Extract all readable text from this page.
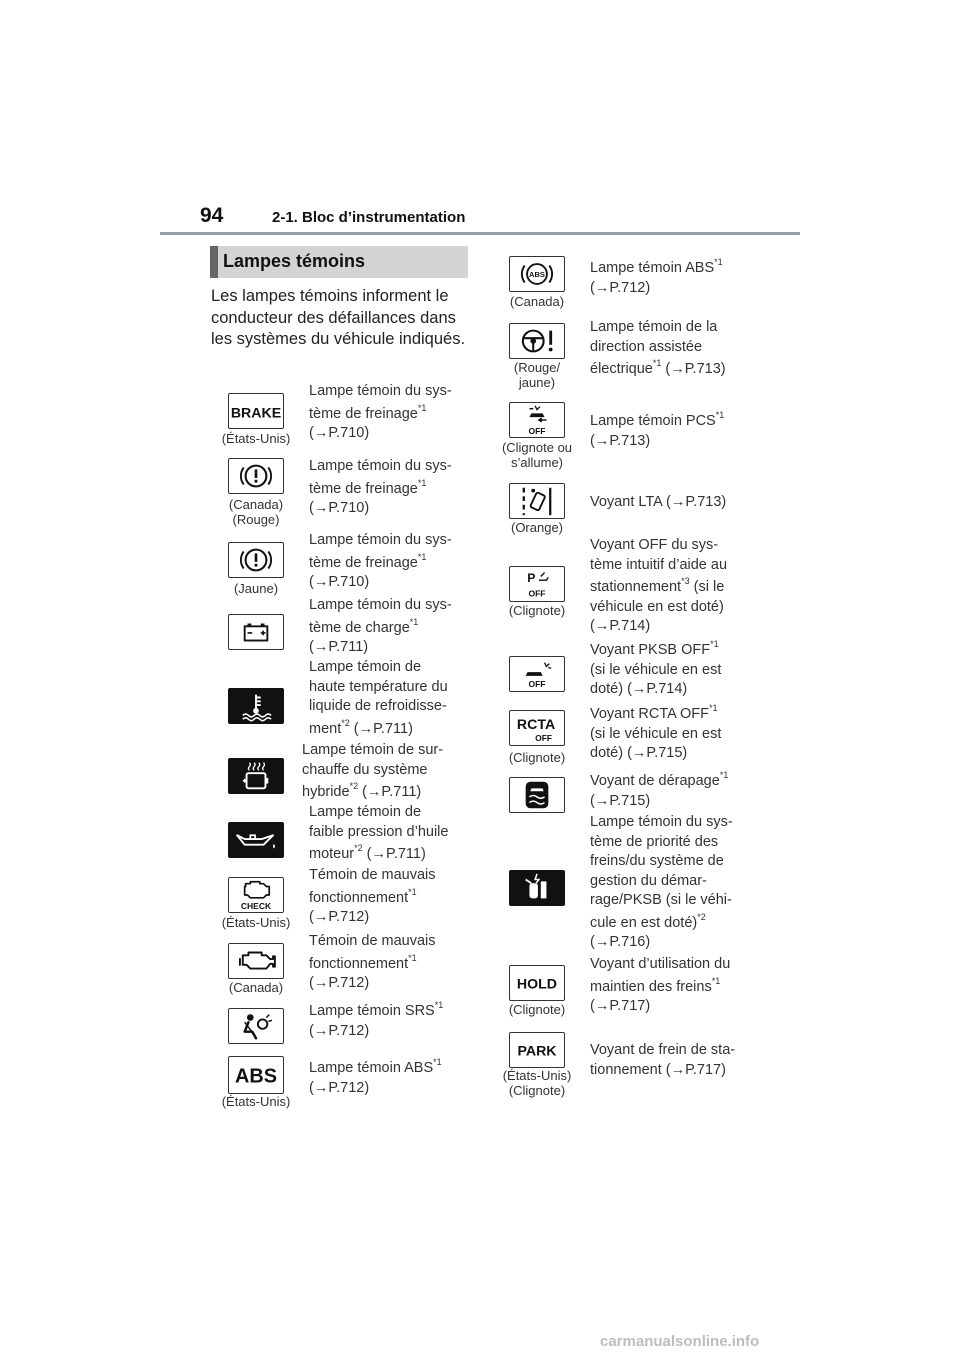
94	2-1. Bloc d’instrumentation
Lampes témoins
Les lampes témoins informent le conducteur des défaillances dans les systèmes du véhicule indiqués.
BRAKE
CHECK
ABS
ABS
OFF
P
OFF
OFF
RCTA
OFF
HOLD
PARK
(États-Unis)
(Canada)
(Rouge)
(Jaune)
(États-Unis)
(Canada)
(États-Unis)
(Canada)
(Rouge/
jaune)
(Clignote ou
s’allume)
(Orange)
(Clignote)
(Clignote)
(Clignote)
(États-Unis)
(Clignote)
Lampe témoin du sys-
tème de freinage$^{*1}$
(→P.710)
Lampe témoin du sys-
tème de freinage$^{*1}$
(→P.710)
Lampe témoin du sys-
tème de freinage$^{*1}$
(→P.710)
Lampe témoin du sys-
tème de charge$^{*1}$
(→P.711)
Lampe témoin de
haute température du
liquide de refroidisse-
ment$^{*2}$ (→P.711)
Lampe témoin de sur-
chauffe du système
hybride$^{*2}$ (→P.711)
Lampe témoin de
faible pression d’huile
moteur$^{*2}$ (→P.711)
Témoin de mauvais
fonctionnement$^{*1}$
(→P.712)
Témoin de mauvais
fonctionnement$^{*1}$
(→P.712)
Lampe témoin SRS$^{*1}$
(→P.712)
Lampe témoin ABS$^{*1}$
(→P.712)
Lampe témoin ABS$^{*1}$
(→P.712)
Lampe témoin de la
direction assistée
électrique$^{*1}$ (→P.713)
Lampe témoin PCS$^{*1}$
(→P.713)
Voyant LTA (→P.713)
Voyant OFF du sys-
tème intuitif d’aide au
stationnement$^{*3}$ (si le
véhicule en est doté)
(→P.714)
Voyant PKSB OFF$^{*1}$
(si le véhicule en est
doté) (→P.714)
Voyant RCTA OFF$^{*1}$
(si le véhicule en est
doté) (→P.715)
Voyant de dérapage$^{*1}$
(→P.715)
Lampe témoin du sys-
tème de priorité des
freins/du système de
gestion du démar-
rage/PKSB (si le véhi-
cule en est doté)$^{*2}$
(→P.716)
Voyant d’utilisation du
maintien des freins$^{*1}$
(→P.717)
Voyant de frein de sta-
tionnement (→P.717)
carmanualsonline.info
